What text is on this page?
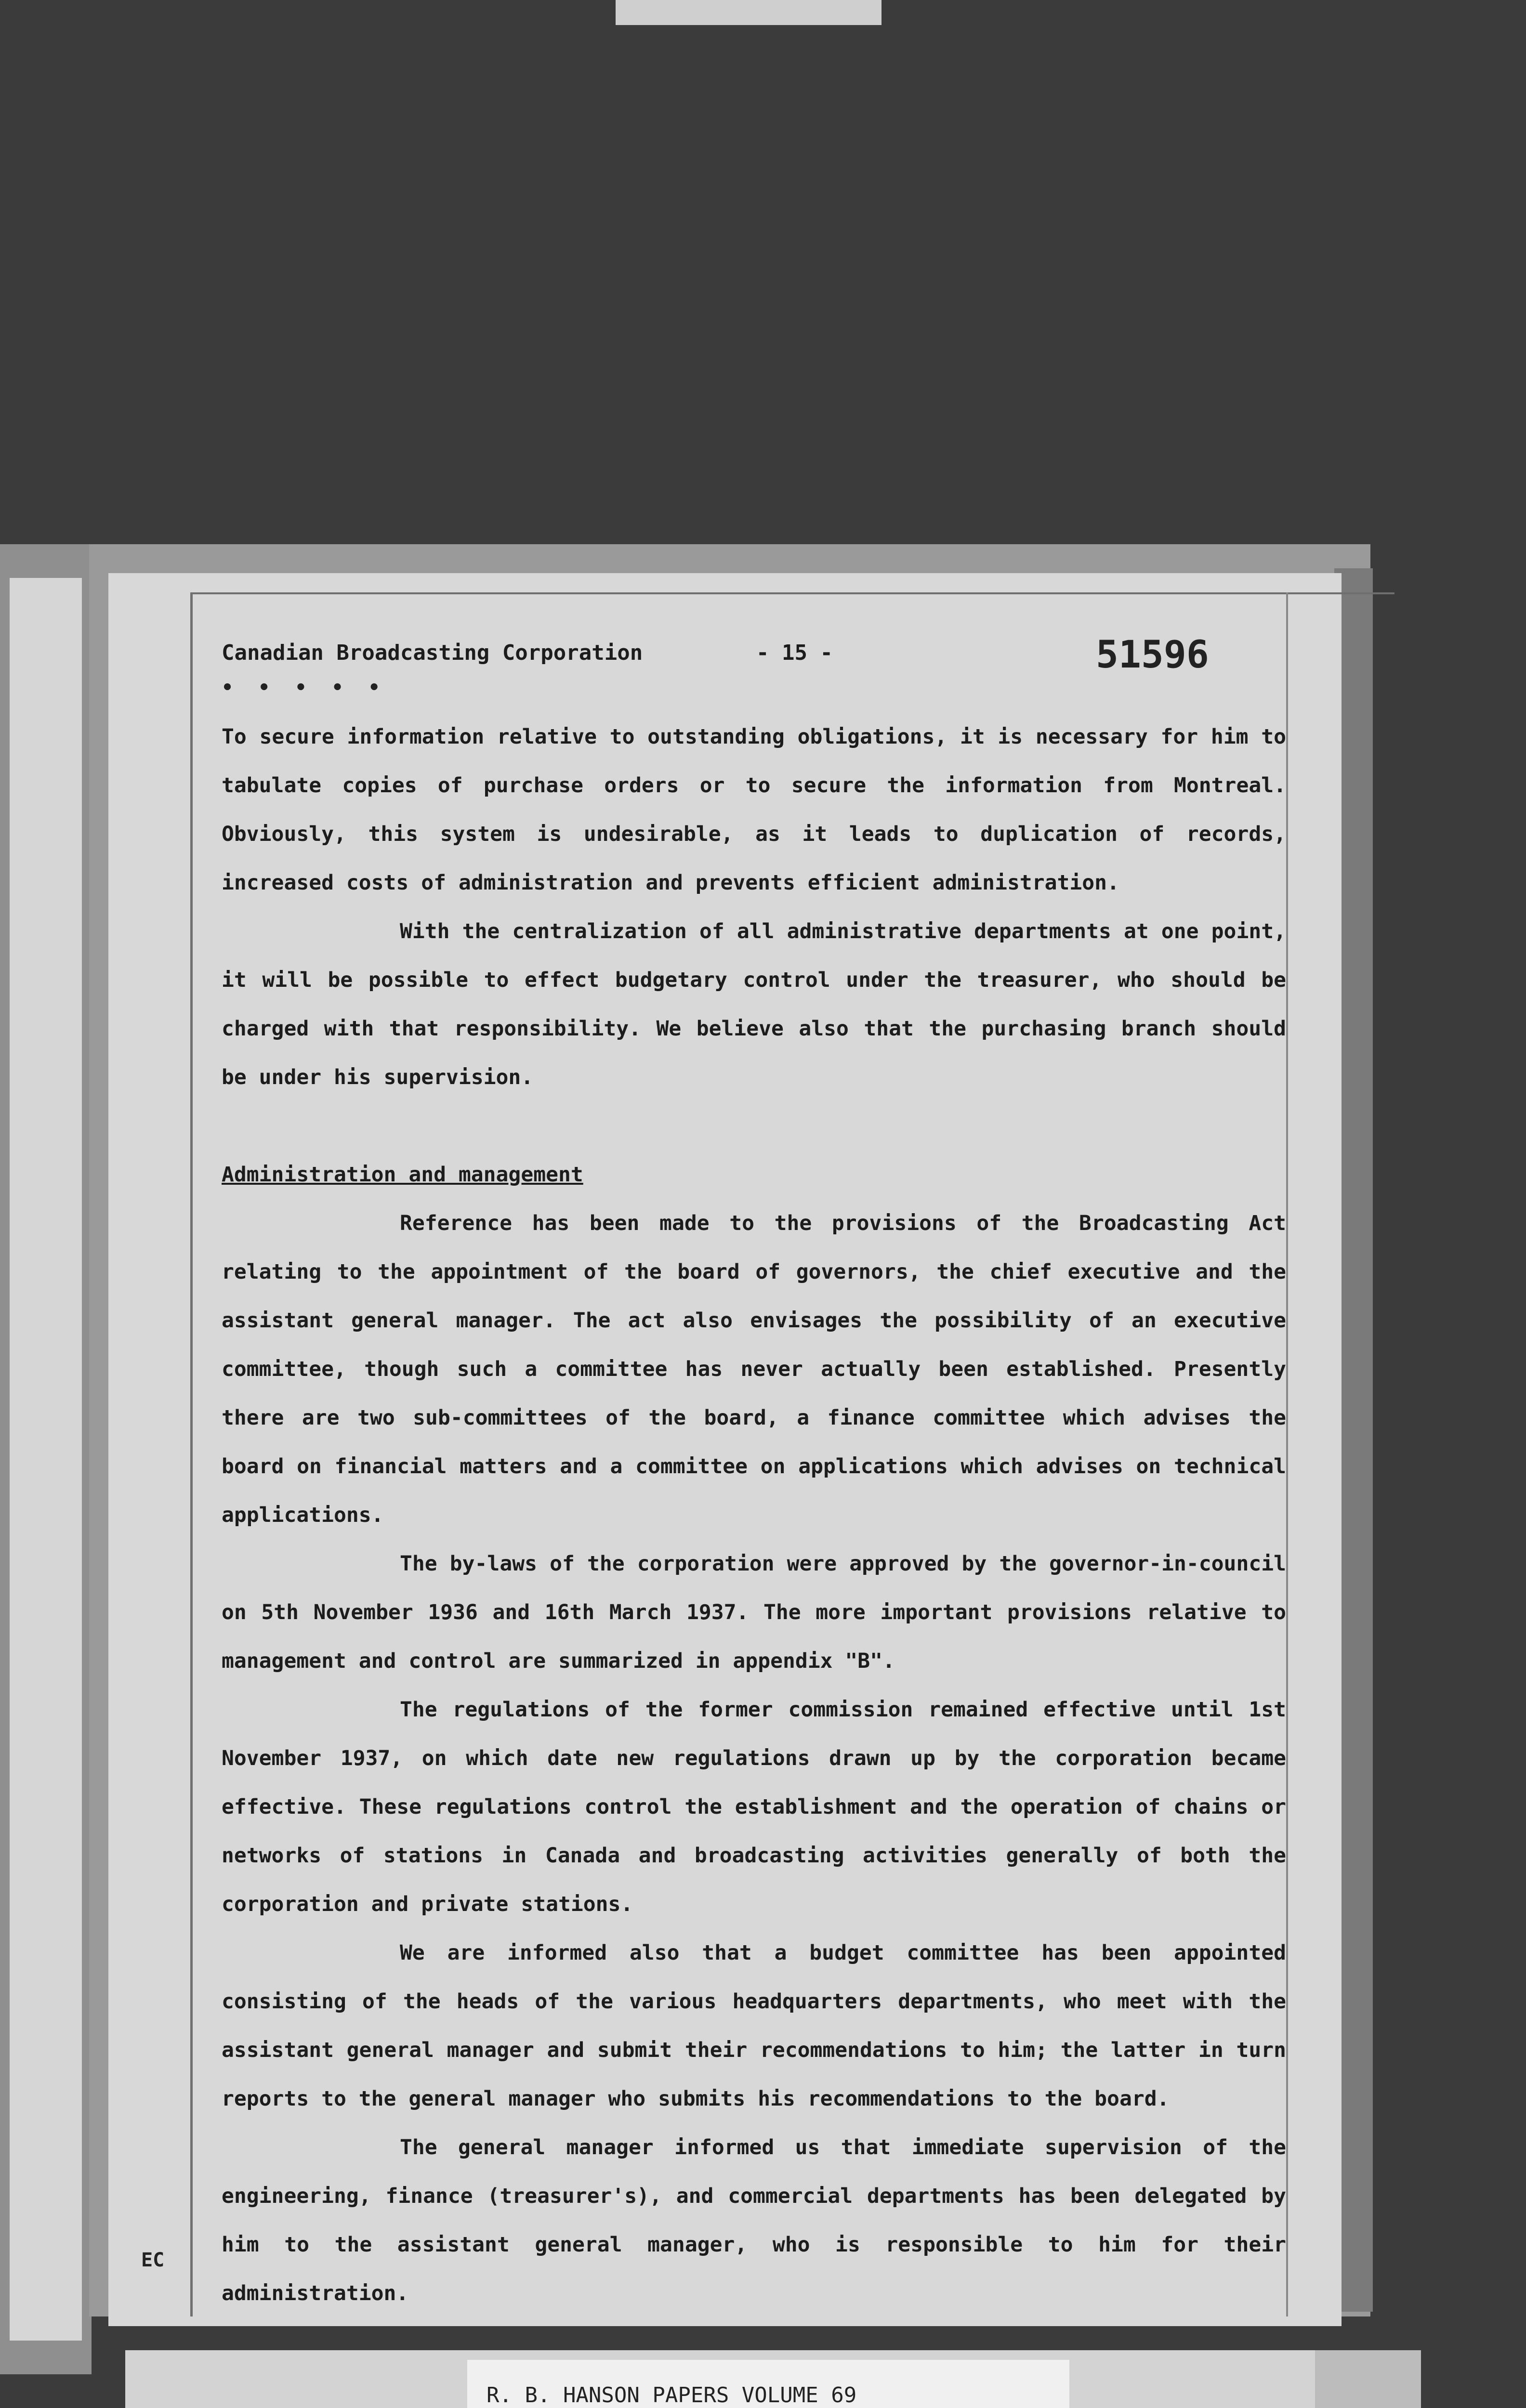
Canadian Broadcasting Corporation	- 15 -	51596
• • • • •

To secure information relative to outstanding obligations, it is necessary for him to tabulate copies of purchase orders or to secure the information from Montreal. Obviously, this system is undesirable, as it leads to duplication of records, increased costs of administration and prevents efficient administration.

With the centralization of all administrative departments at one point, it will be possible to effect budgetary control under the treasurer, who should be charged with that responsibility. We believe also that the purchasing branch should be under his supervision.

Administration and management

Reference has been made to the provisions of the Broadcasting Act relating to the appointment of the board of governors, the chief executive and the assistant general manager. The act also envisages the possibility of an executive committee, though such a committee has never actually been established. Presently there are two sub-committees of the board, a finance committee which advises the board on financial matters and a committee on applications which advises on technical applications.

The by-laws of the corporation were approved by the governor-in-council on 5th November 1936 and 16th March 1937. The more important provisions relative to management and control are summarized in appendix "B".

The regulations of the former commission remained effective until 1st November 1937, on which date new regulations drawn up by the corporation became effective. These regulations control the establishment and the operation of chains or networks of stations in Canada and broadcasting activities generally of both the corporation and private stations.

We are informed also that a budget committee has been appointed consisting of the heads of the various headquarters departments, who meet with the assistant general manager and submit their recommendations to him; the latter in turn reports to the general manager who submits his recommendations to the board.

The general manager informed us that immediate supervision of the engineering, finance (treasurer's), and commercial departments has been delegated by him to the assistant general manager, who is responsible to him for their administration.

EC
R. B. HANSON PAPERS VOLUME 69
